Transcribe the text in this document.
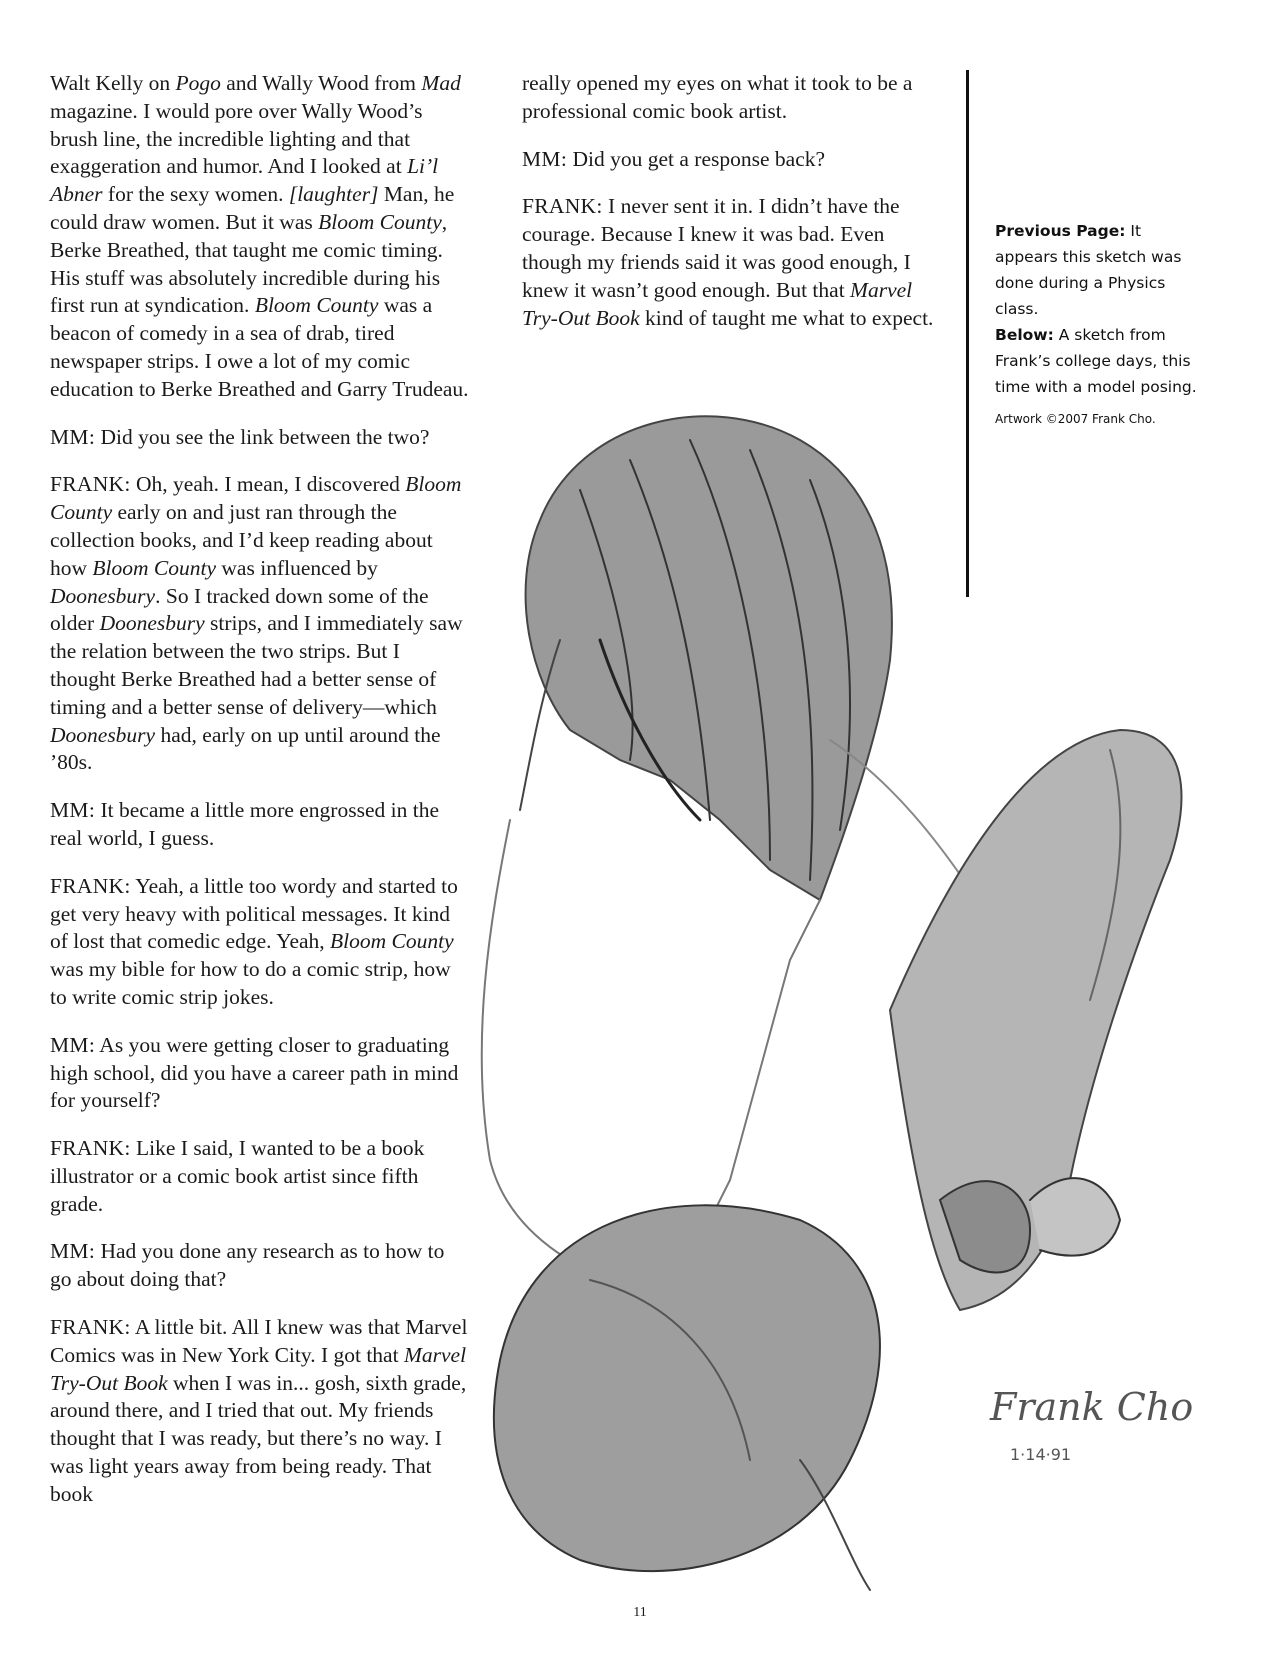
Walt Kelly on Pogo and Wally Wood from Mad magazine. I would pore over Wally Wood’s brush line, the incredible lighting and that exaggeration and humor. And I looked at Li’l Abner for the sexy women. [laughter] Man, he could draw women. But it was Bloom County, Berke Breathed, that taught me comic timing. His stuff was absolutely incredible during his first run at syndication. Bloom County was a beacon of comedy in a sea of drab, tired newspaper strips. I owe a lot of my comic education to Berke Breathed and Garry Trudeau.

MM: Did you see the link between the two?

FRANK: Oh, yeah. I mean, I discovered Bloom County early on and just ran through the collection books, and I’d keep reading about how Bloom County was influenced by Doonesbury. So I tracked down some of the older Doonesbury strips, and I immediately saw the relation between the two strips. But I thought Berke Breathed had a better sense of timing and a better sense of delivery—which Doonesbury had, early on up until around the ’80s.

MM: It became a little more engrossed in the real world, I guess.

FRANK: Yeah, a little too wordy and started to get very heavy with political messages. It kind of lost that comedic edge. Yeah, Bloom County was my bible for how to do a comic strip, how to write comic strip jokes.

MM: As you were getting closer to graduating high school, did you have a career path in mind for yourself?

FRANK: Like I said, I wanted to be a book illustrator or a comic book artist since fifth grade.

MM: Had you done any research as to how to go about doing that?

FRANK: A little bit. All I knew was that Marvel Comics was in New York City. I got that Marvel Try-Out Book when I was in... gosh, sixth grade, around there, and I tried that out. My friends thought that I was ready, but there’s no way. I was light years away from being ready. That book

really opened my eyes on what it took to be a professional comic book artist.

MM: Did you get a response back?

FRANK: I never sent it in. I didn’t have the courage. Because I knew it was bad. Even though my friends said it was good enough, I knew it wasn’t good enough. But that Marvel Try-Out Book kind of taught me what to expect.

Previous Page: It appears this sketch was done during a Physics class.
Below: A sketch from Frank’s college days, this time with a model posing.
Artwork ©2007 Frank Cho.
Frank Cho
1·14·91
11
